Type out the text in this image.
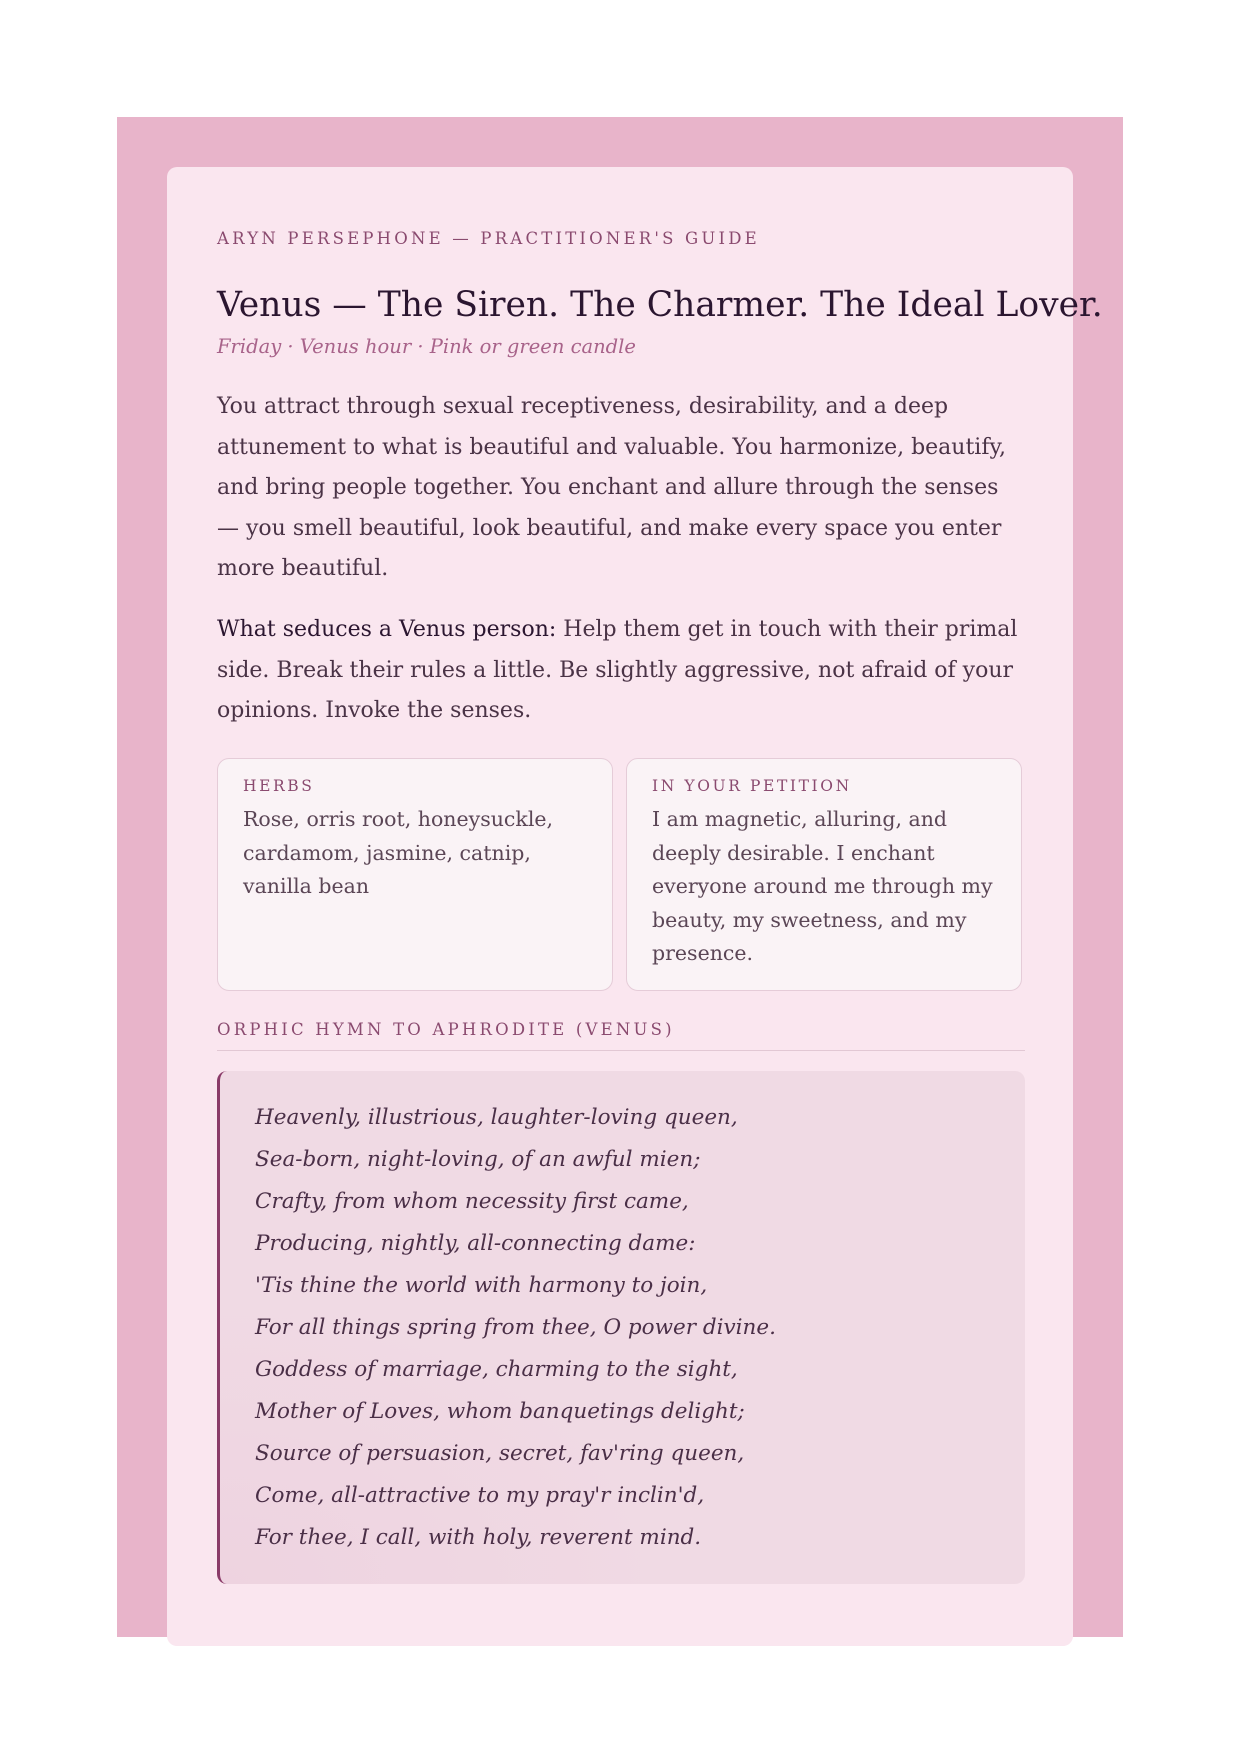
ARYN PERSEPHONE — PRACTITIONER'S GUIDE
Venus — The Siren. The Charmer. The Ideal Lover.
Friday · Venus hour · Pink or green candle

You attract through sexual receptiveness, desirability, and a deep attunement to what is beautiful and valuable. You harmonize, beautify, and bring people together. You enchant and allure through the senses — you smell beautiful, look beautiful, and make every space you enter more beautiful.

What seduces a Venus person: Help them get in touch with their primal side. Break their rules a little. Be slightly aggressive, not afraid of your opinions. Invoke the senses.

HERBS
Rose, orris root, honeysuckle, cardamom, jasmine, catnip, vanilla bean
IN YOUR PETITION
I am magnetic, alluring, and deeply desirable. I enchant everyone around me through my beauty, my sweetness, and my presence.
ORPHIC HYMN TO APHRODITE (VENUS)
Heavenly, illustrious, laughter-loving queen,
Sea-born, night-loving, of an awful mien;
Crafty, from whom necessity first came,
Producing, nightly, all-connecting dame:
'Tis thine the world with harmony to join,
For all things spring from thee, O power divine.
Goddess of marriage, charming to the sight,
Mother of Loves, whom banquetings delight;
Source of persuasion, secret, fav'ring queen,
Come, all-attractive to my pray'r inclin'd,
For thee, I call, with holy, reverent mind.
